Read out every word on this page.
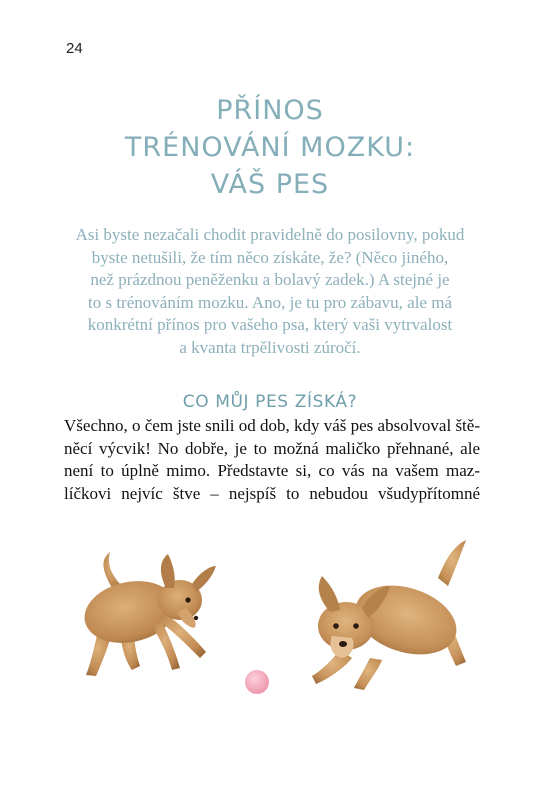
24
PŘÍNOS
TRÉNOVÁNÍ MOZKU:
VÁŠ PES

Asi byste nezačali chodit pravidelně do posilovny, pokud
byste netušili, že tím něco získáte, že? (Něco jiného,
než prázdnou peněženku a bolavý zadek.) A stejné je
to s trénováním mozku. Ano, je tu pro zábavu, ale má
konkrétní přínos pro vašeho psa, který vaši vytrvalost
a kvanta trpělivosti zúročí.

CO MŮJ PES ZÍSKÁ?

Všechno, o čem jste snili od dob, kdy váš pes absolvoval ště-
něcí výcvik! No dobře, je to možná maličko přehnané, ale
není to úplně mimo. Představte si, co vás na vašem maz-
líčkovi nejvíc štve – nejspíš to nebudou všudypřítomné
